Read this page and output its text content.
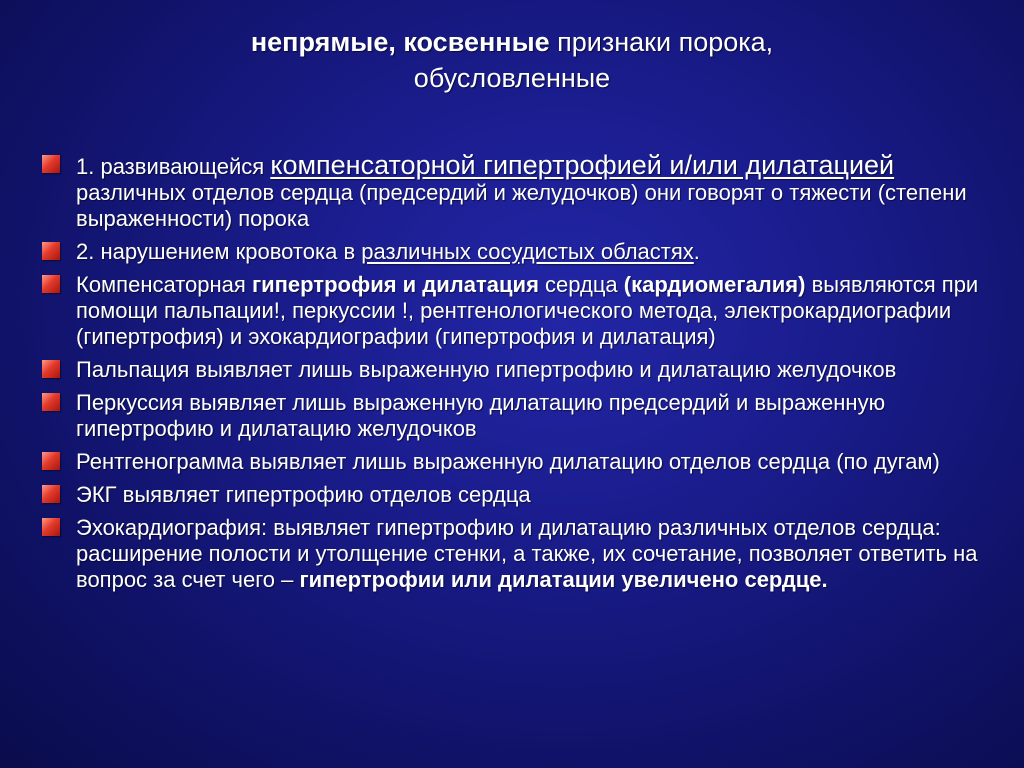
непрямые, косвенные признаки порока,
обусловленные
1. развивающейся компенсаторной гипертрофией и/или дилатацией различных отделов сердца (предсердий и желудочков) они говорят о тяжести (степени выраженности) порока
2. нарушением кровотока в различных сосудистых областях.
Компенсаторная гипертрофия и дилатация сердца (кардиомегалия) выявляются при помощи пальпации!, перкуссии !, рентгенологического метода, электрокардиографии (гипертрофия) и эхокардиографии (гипертрофия и дилатация)
Пальпация выявляет лишь выраженную гипертрофию и дилатацию желудочков
Перкуссия выявляет лишь выраженную дилатацию предсердий и выраженную гипертрофию и дилатацию желудочков
Рентгенограмма выявляет лишь выраженную дилатацию отделов сердца (по дугам)
ЭКГ выявляет гипертрофию отделов сердца
Эхокардиография: выявляет гипертрофию и дилатацию различных отделов сердца: расширение полости и утолщение стенки, а также, их сочетание, позволяет ответить на вопрос за счет чего – гипертрофии или дилатации увеличено сердце.
